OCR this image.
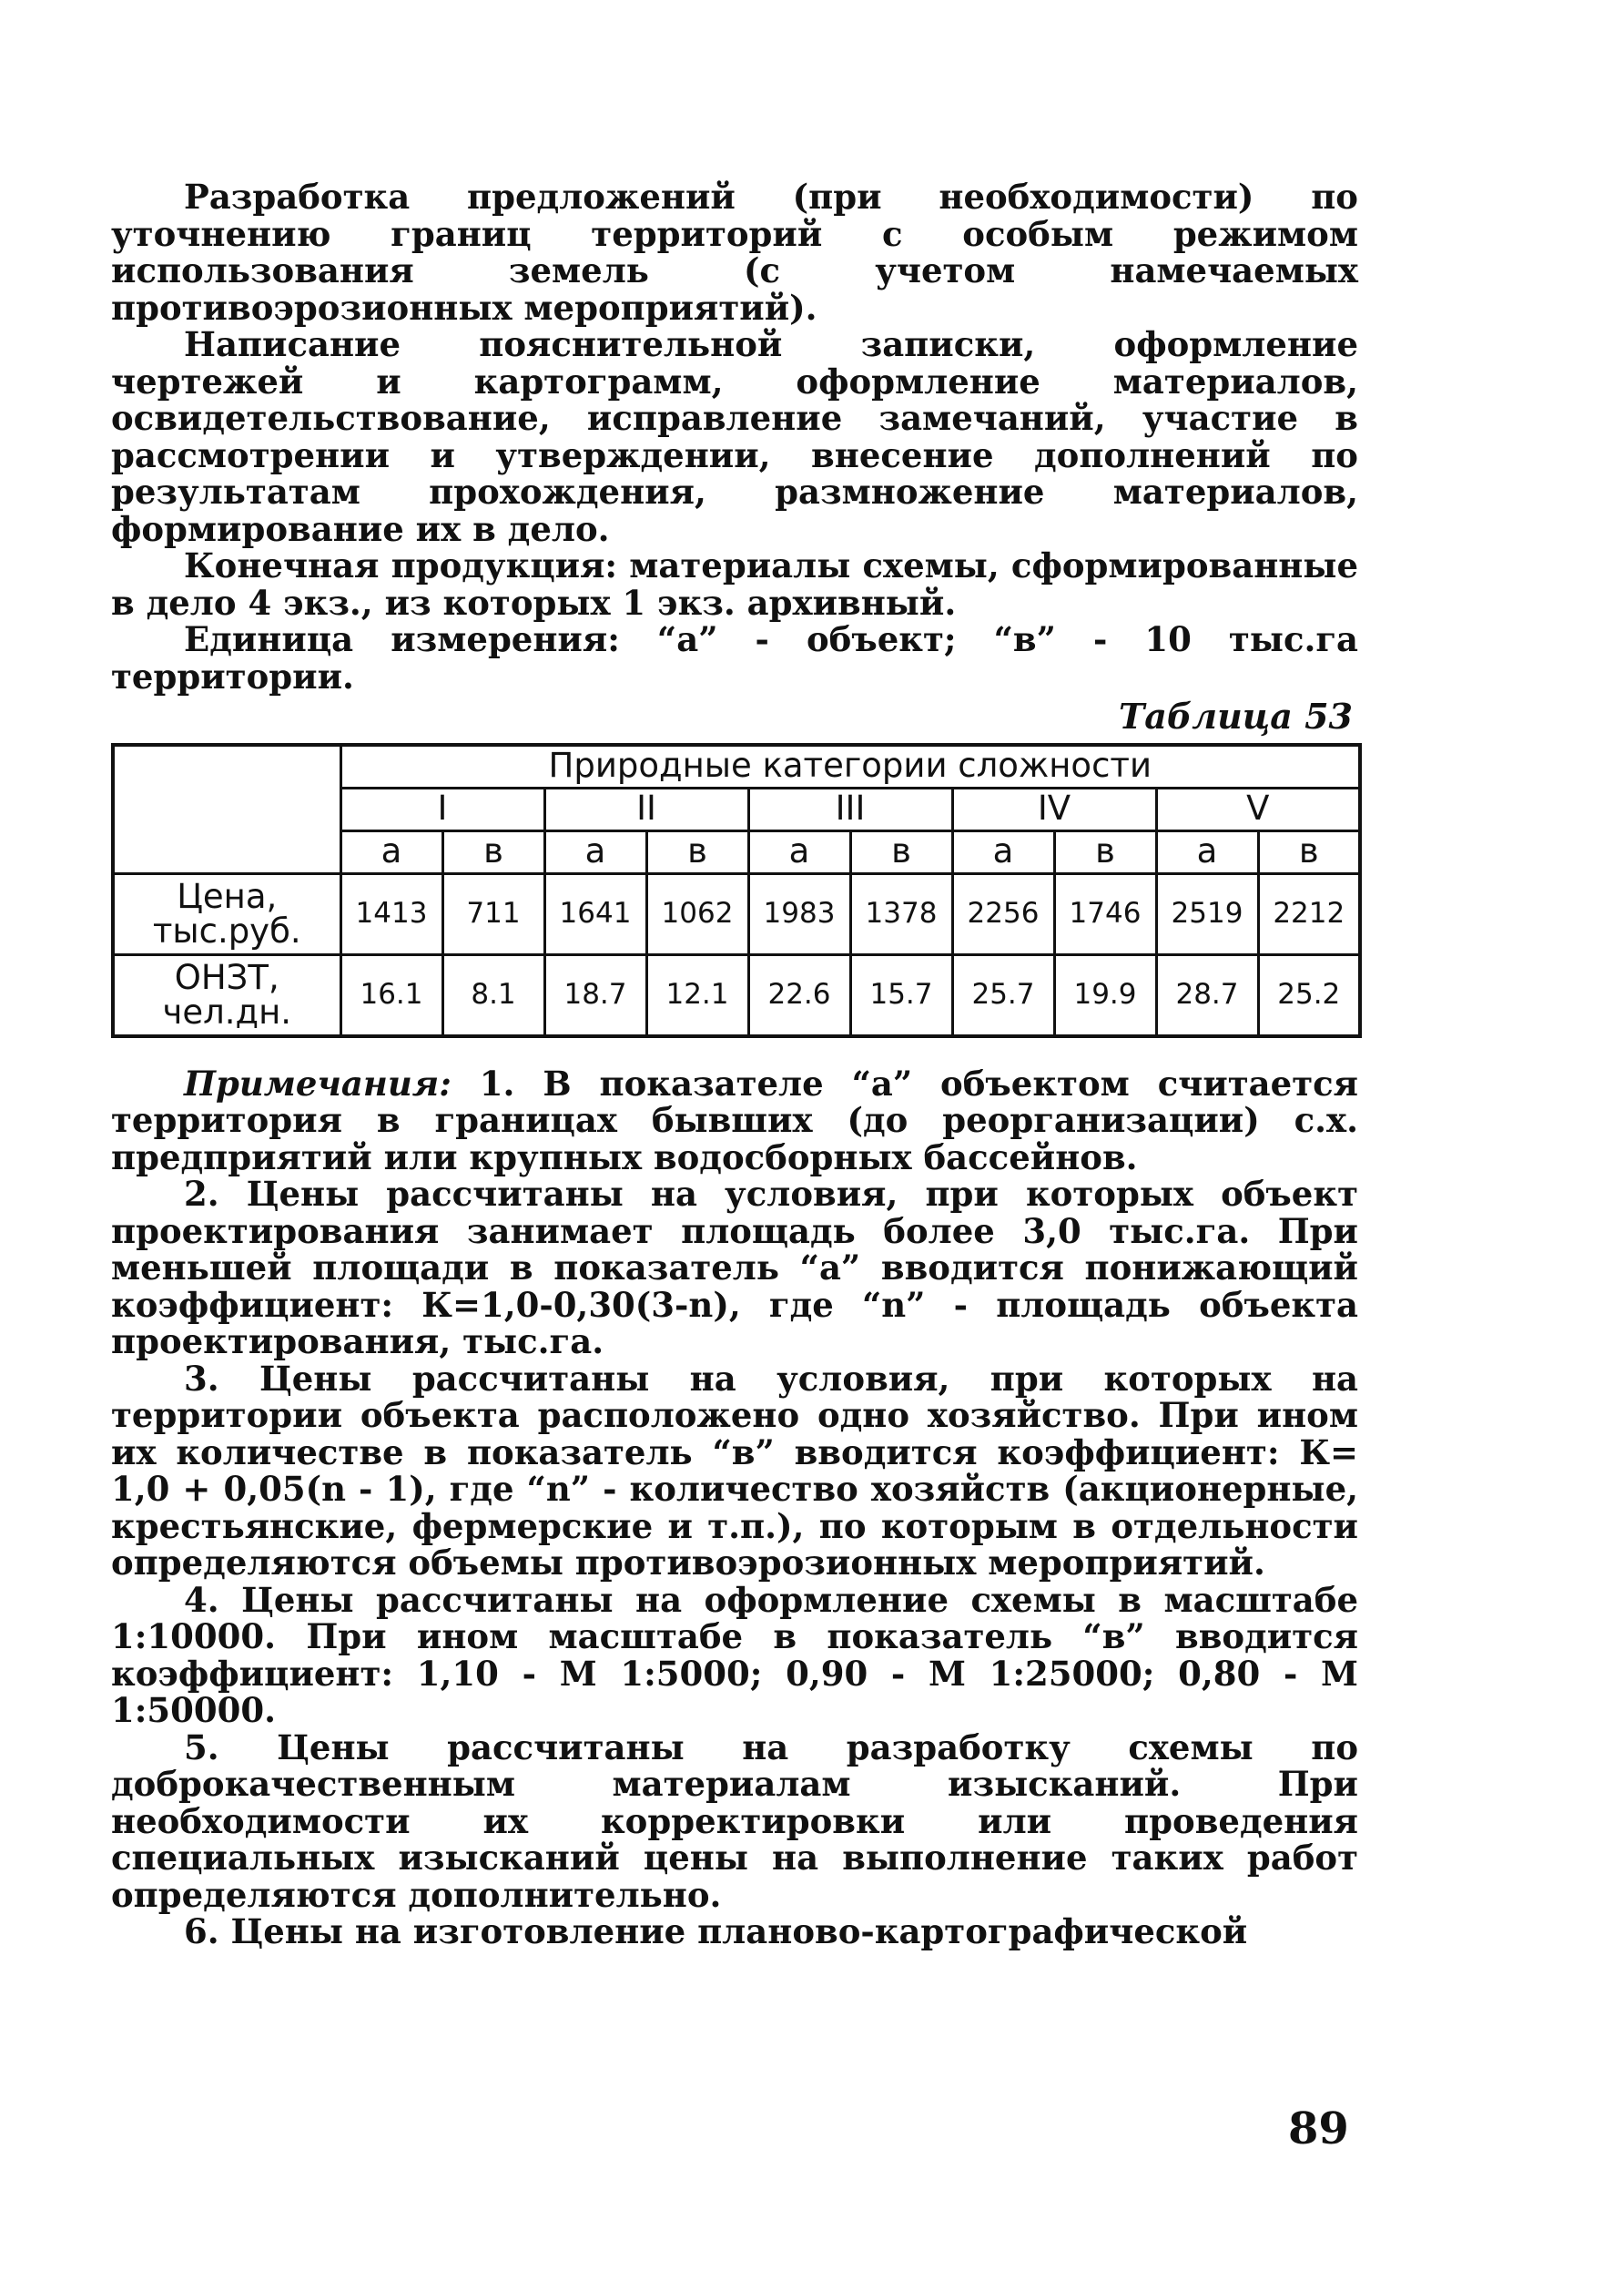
Разработка предложений (при необходимости) по уточнению границ территорий с особым режимом использования земель (с учетом намечаемых противоэрозионных мероприятий).

Написание пояснительной записки, оформление чертежей и картограмм, оформление материалов, освидетельствование, исправление замечаний, участие в рассмотрении и утверждении, внесение дополнений по результатам прохождения, размножение материалов, формирование их в дело.

Конечная продукция: материалы схемы, сформированные в дело 4 экз., из которых 1 экз. архивный.

Единица измерения: “а” - объект; “в” - 10 тыс.га территории.

Таблица 53
	Природные категории сложности									
	I		II		III		IV		V	
	а	в	а	в	а	в	а	в	а	в
Цена,
тыс.руб.	1413	711	1641	1062	1983	1378	2256	1746	2519	2212
ОНЗТ,
чел.дн.	16.1	8.1	18.7	12.1	22.6	15.7	25.7	19.9	28.7	25.2

Примечания: 1. В показателе “а” объектом считается территория в границах бывших (до реорганизации) с.х. предприятий или крупных водосборных бассейнов.

2. Цены рассчитаны на условия, при которых объект проектирования занимает площадь более 3,0 тыс.га. При меньшей площади в показатель “а” вводится понижающий коэффициент: К=1,0-0,30(3-n), где “n” - площадь объекта проектирования, тыс.га.

3. Цены рассчитаны на условия, при которых на территории объекта расположено одно хозяйство. При ином их количестве в показатель “в” вводится коэффициент: К= 1,0 + 0,05(n - 1), где “n” - количество хозяйств (акционерные, крестьянские, фермерские и т.п.), по которым в отдельности определяются объемы противоэрозионных мероприятий.

4. Цены рассчитаны на оформление схемы в масштабе 1:10000. При ином масштабе в показатель “в” вводится коэффициент: 1,10 - М 1:5000; 0,90 - М 1:25000; 0,80 - М 1:50000.

5. Цены рассчитаны на разработку схемы по доброкачественным материалам изысканий. При необходимости их корректировки или проведения специальных изысканий цены на выполнение таких работ определяются дополнительно.

6. Цены на изготовление планово-картографической

89
